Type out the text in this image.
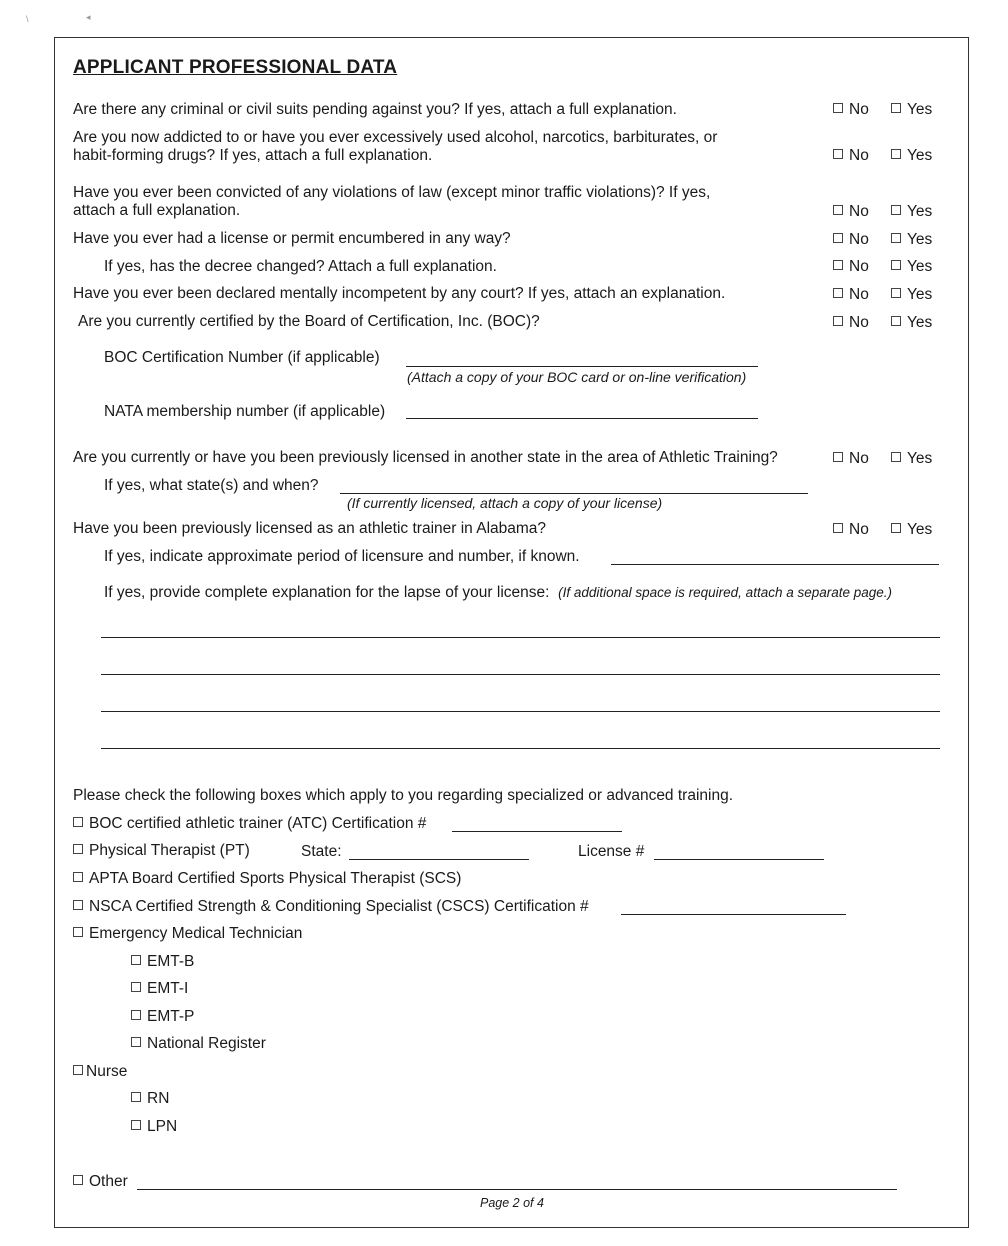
\	◂
APPLICANT PROFESSIONAL DATA
Are there any criminal or civil suits pending against you? If yes, attach a full explanation.	No	Yes
Are you now addicted to or have you ever excessively used alcohol, narcotics, barbiturates, or
habit-forming drugs? If yes, attach a full explanation.	No	Yes
Have you ever been convicted of any violations of law (except minor traffic violations)? If yes,
attach a full explanation.	No	Yes
Have you ever had a license or permit encumbered in any way?	No	Yes
If yes, has the decree changed? Attach a full explanation.	No	Yes
Have you ever been declared mentally incompetent by any court? If yes, attach an explanation.	No	Yes
Are you currently certified by the Board of Certification, Inc. (BOC)?	No	Yes
BOC Certification Number (if applicable)
(Attach a copy of your BOC card or on-line verification)
NATA membership number (if applicable)
Are you currently or have you been previously licensed in another state in the area of Athletic Training?	No	Yes
If yes, what state(s) and when?
(If currently licensed, attach a copy of your license)
Have you been previously licensed as an athletic trainer in Alabama?	No	Yes
If yes, indicate approximate period of licensure and number, if known.
If yes, provide complete explanation for the lapse of your license: (If additional space is required, attach a separate page.)
Please check the following boxes which apply to you regarding specialized or advanced training.
BOC certified athletic trainer (ATC) Certification #
Physical Therapist (PT)	State:	License #
APTA Board Certified Sports Physical Therapist (SCS)
NSCA Certified Strength & Conditioning Specialist (CSCS) Certification #
Emergency Medical Technician
EMT-B
EMT-I
EMT-P
National Register
Nurse
RN
LPN
Other
Page 2 of 4
